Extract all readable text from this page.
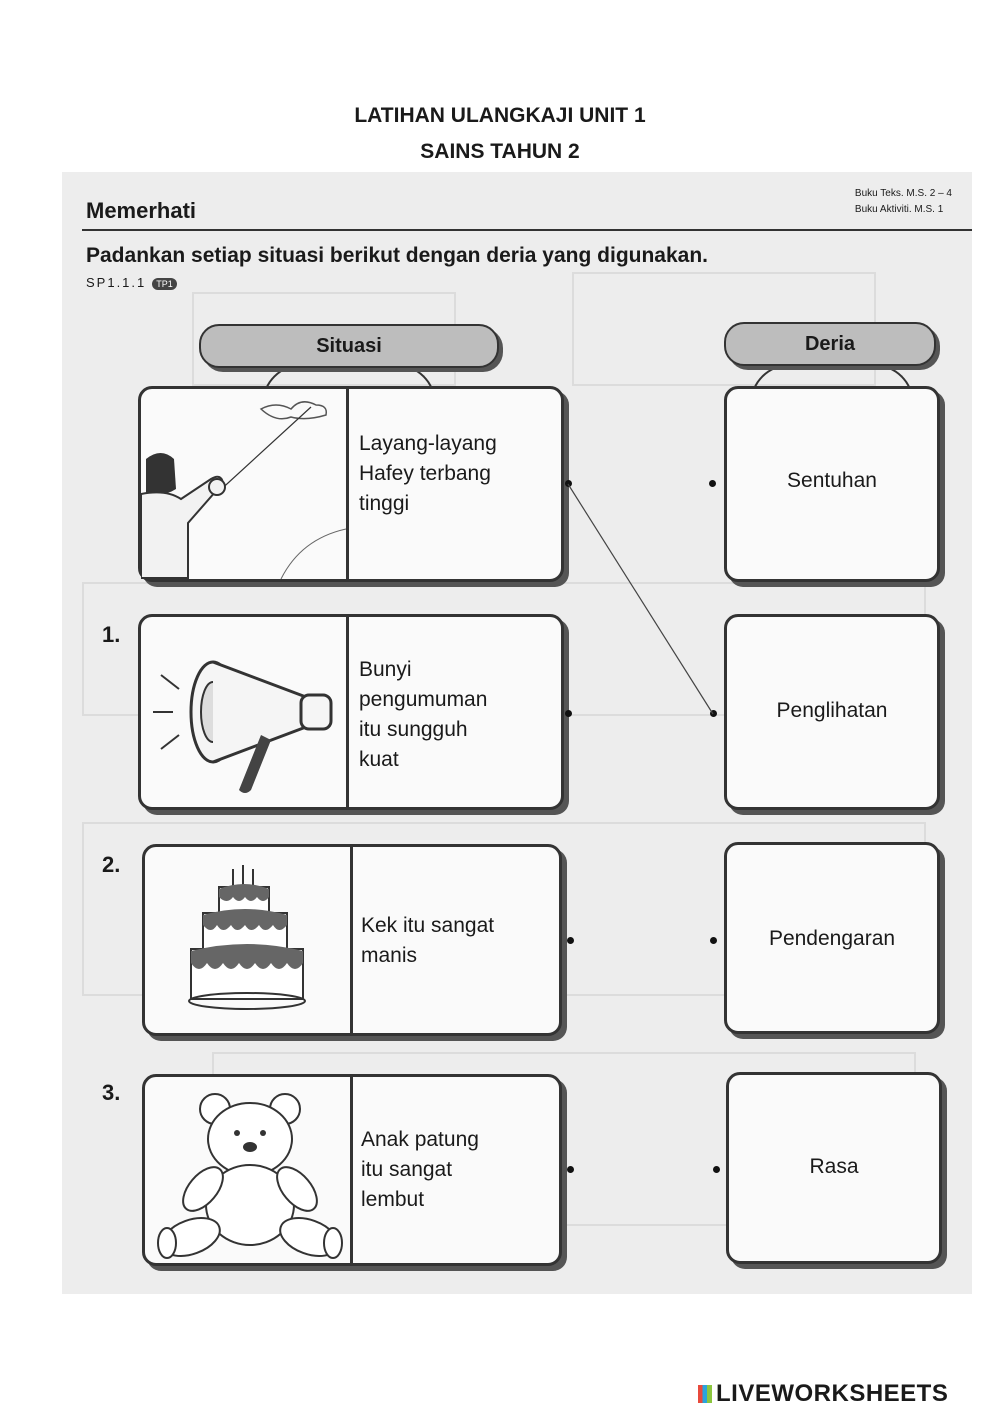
LATIHAN ULANGKAJI UNIT 1
SAINS TAHUN 2
Memerhati
Buku Teks. M.S. 2 – 4
Buku Aktiviti. M.S. 1
Padankan setiap situasi berikut dengan deria yang digunakan.
SP1.1.1 TP1
Situasi	Deria
Layang-layang
Hafey terbang
tinggi
Sentuhan
1.
Bunyi
pengumuman
itu sungguh
kuat
Penglihatan
2.
Kek itu sangat
manis
Pendengaran
3.
Anak patung
itu sangat
lembut
Rasa
LIVEWORKSHEETS
